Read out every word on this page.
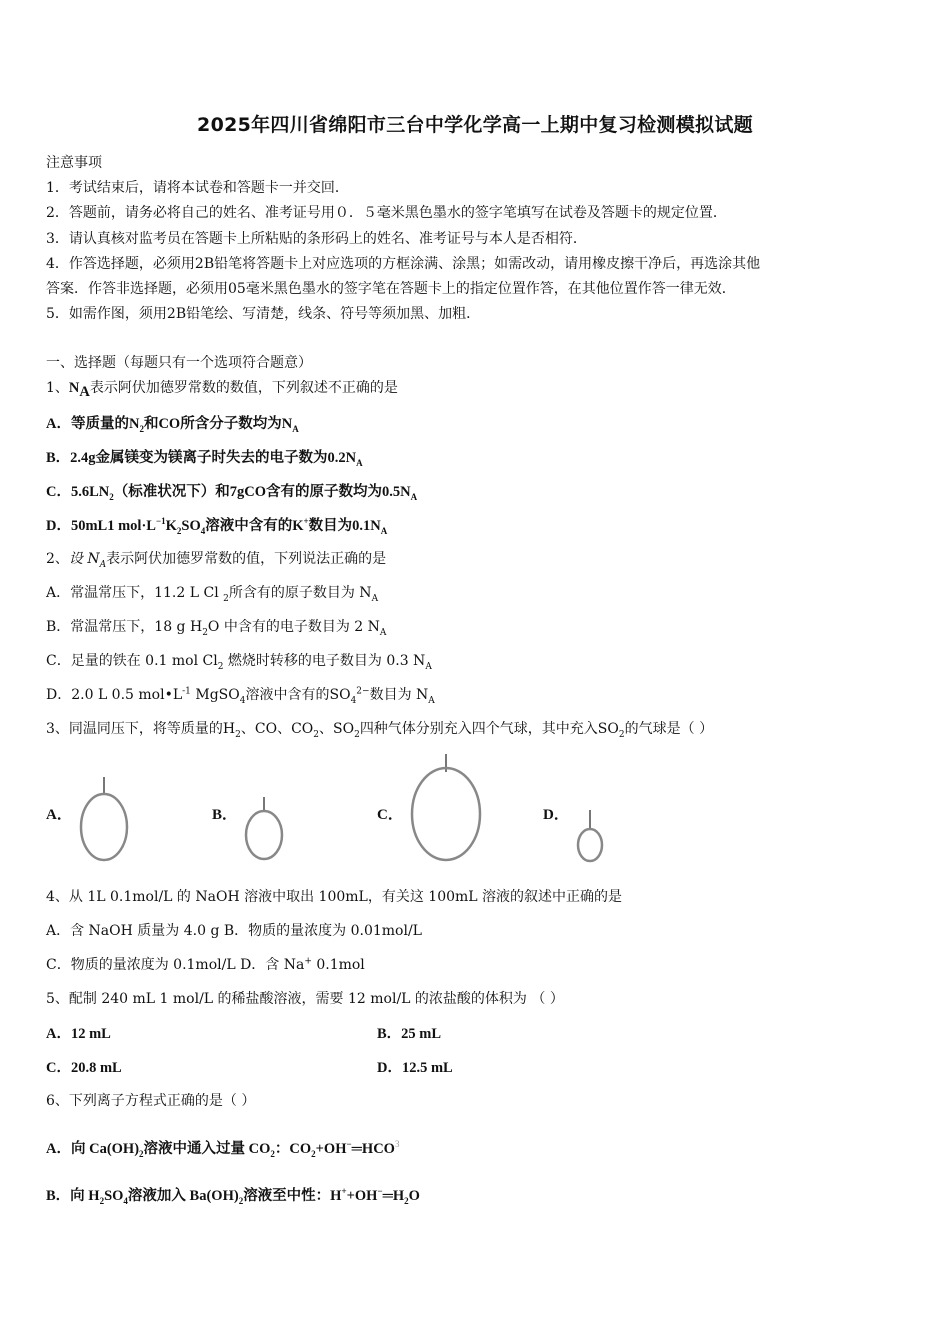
2025年四川省绵阳市三台中学化学高一上期中复习检测模拟试题
注意事项
1．考试结束后，请将本试卷和答题卡一并交回．
2．答题前，请务必将自己的姓名、准考证号用０．５毫米黑色墨水的签字笔填写在试卷及答题卡的规定位置．
3．请认真核对监考员在答题卡上所粘贴的条形码上的姓名、准考证号与本人是否相符．
4．作答选择题，必须用2B铅笔将答题卡上对应选项的方框涂满、涂黑；如需改动，请用橡皮擦干净后，再选涂其他
答案．作答非选择题，必须用05毫米黑色墨水的签字笔在答题卡上的指定位置作答，在其他位置作答一律无效．
5．如需作图，须用2B铅笔绘、写清楚，线条、符号等须加黑、加粗．
一、选择题（每题只有一个选项符合题意）
1、$N_A$表示阿伏加德罗常数的数值，下列叙述不正确的是
A．等质量的$N_2$和CO所含分子数均为$N_A$
B．2.4g金属镁变为镁离子时失去的电子数为$0.2N_A$
C．$5.6LN_2$（标准状况下）和7gCO含有的原子数均为$0.5N_A$
D．50mL1 $mol\cdot L^{-1}K_2SO_4$溶液中含有的K+数目为$0.1N_A$
2、设 $N_A$表示阿伏加德罗常数的值，下列说法正确的是
A．常温常压下，11.2 L Cl $_2$所含有的原子数目为 $N_A$
B．常温常压下，18 g $H_2O$ 中含有的电子数目为 2 $N_A$
C．足量的铁在 0.1 mol $Cl_2$ 燃烧时转移的电子数目为 0.3 $N_A$
D．2.0 L 0.5 $mol•L^{-1}$ MgSO$_4$溶液中含有的$SO_4^{2-}$数目为 $N_A$
3、同温同压下，将等质量的$H_2$、CO、$CO_2$、$SO_2$四种气体分别充入四个气球，其中充入$SO_2$的气球是（ ）
A．	B．	C．	D．
4、从 1L 0.1mol/L 的 NaOH 溶液中取出 100mL，有关这 100mL 溶液的叙述中正确的是
A．含 NaOH 质量为 4.0 g B．物质的量浓度为 0.01mol/L
C．物质的量浓度为 0.1mol/L D．含 Na+ 0.1mol
5、配制 240 mL 1 mol/L 的稀盐酸溶液，需要 12 mol/L 的浓盐酸的体积为 （ ）
A．12 mL	B．25 mL
C．20.8 mL	D．12.5 mL
6、下列离子方程式正确的是（ ）
A．向 $Ca(OH)_2$溶液中通入过量 $CO_2$：$CO_2+OH^-═HCO^3$
B．向 $H_2SO_4$溶液加入 $Ba(OH)_2$溶液至中性：$H^++OH^-═H_2O$
